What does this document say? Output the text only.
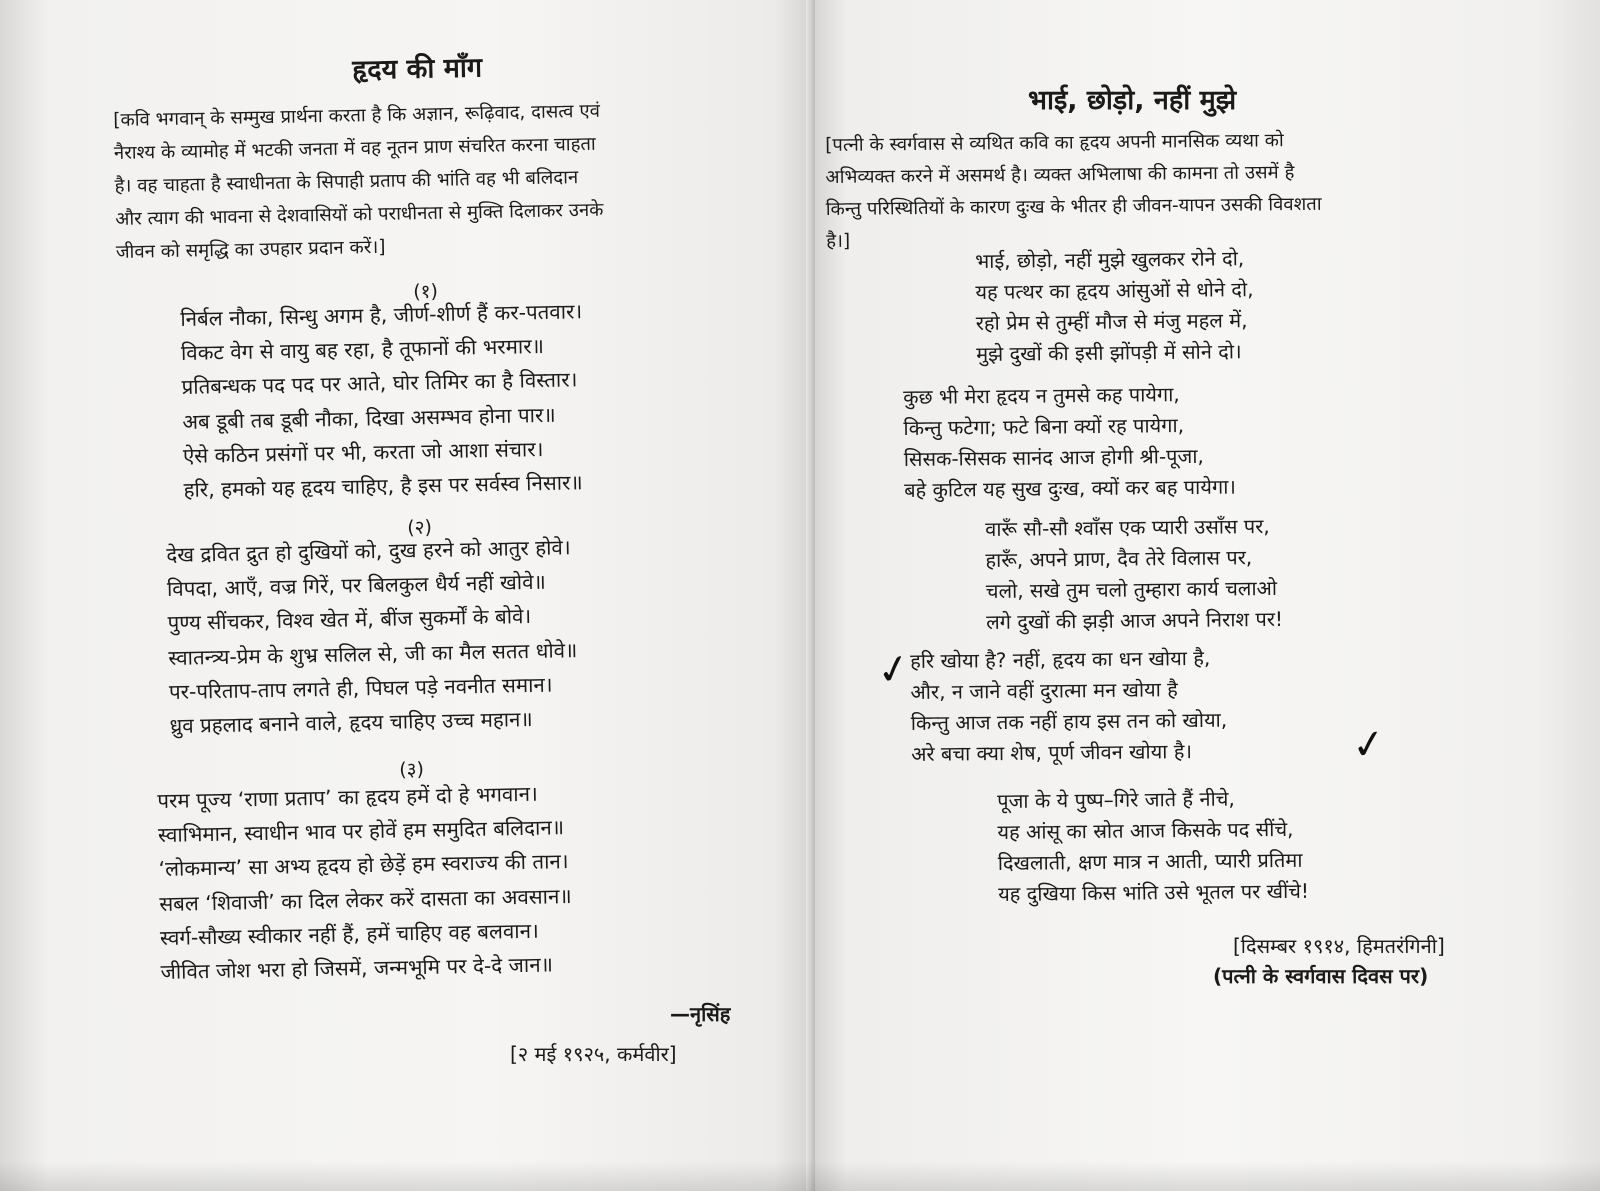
हृदय की माँग

[कवि भगवान् के सम्मुख प्रार्थना करता है कि अज्ञान, रूढ़िवाद, दासत्व एवं

नैराश्य के व्यामोह में भटकी जनता में वह नूतन प्राण संचरित करना चाहता

है। वह चाहता है स्वाधीनता के सिपाही प्रताप की भांति वह भी बलिदान

और त्याग की भावना से देशवासियों को पराधीनता से मुक्ति दिलाकर उनके

जीवन को समृद्धि का उपहार प्रदान करें।]

(१)
निर्बल नौका, सिन्धु अगम है, जीर्ण-शीर्ण हैं कर-पतवार।
विकट वेग से वायु बह रहा, है तूफानों की भरमार॥
प्रतिबन्धक पद पद पर आते, घोर तिमिर का है विस्तार।
अब डूबी तब डूबी नौका, दिखा असम्भव होना पार॥
ऐसे कठिन प्रसंगों पर भी, करता जो आशा संचार।
हरि, हमको यह हृदय चाहिए, है इस पर सर्वस्व निसार॥
(२)
देख द्रवित द्रुत हो दुखियों को, दुख हरने को आतुर होवे।
विपदा, आएँ, वज्र गिरें, पर बिलकुल धैर्य नहीं खोवे॥
पुण्य सींचकर, विश्व खेत में, बींज सुकर्मों के बोवे।
स्वातन्त्र्य-प्रेम के शुभ्र सलिल से, जी का मैल सतत धोवे॥
पर-परिताप-ताप लगते ही, पिघल पड़े नवनीत समान।
ध्रुव प्रहलाद बनाने वाले, हृदय चाहिए उच्च महान॥
(३)
परम पूज्य ‘राणा प्रताप’ का हृदय हमें दो हे भगवान।
स्वाभिमान, स्वाधीन भाव पर होवें हम समुदित बलिदान॥
‘लोकमान्य’ सा अभ्य हृदय हो छेड़ें हम स्वराज्य की तान।
सबल ‘शिवाजी’ का दिल लेकर करें दासता का अवसान॥
स्वर्ग-सौख्य स्वीकार नहीं हैं, हमें चाहिए वह बलवान।
जीवित जोश भरा हो जिसमें, जन्मभूमि पर दे-दे जान॥
—नृसिंह
[२ मई १९२५, कर्मवीर]
भाई, छोड़ो, नहीं मुझे

[पत्नी के स्वर्गवास से व्यथित कवि का हृदय अपनी मानसिक व्यथा को

अभिव्यक्त करने में असमर्थ है। व्यक्त अभिलाषा की कामना तो उसमें है

किन्तु परिस्थितियों के कारण दुःख के भीतर ही जीवन-यापन उसकी विवशता

है।]

भाई, छोड़ो, नहीं मुझे खुलकर रोने दो,
यह पत्थर का हृदय आंसुओं से धोने दो,
रहो प्रेम से तुम्हीं मौज से मंजु महल में,
मुझे दुखों की इसी झोंपड़ी में सोने दो।
कुछ भी मेरा हृदय न तुमसे कह पायेगा,
किन्तु फटेगा; फटे बिना क्यों रह पायेगा,
सिसक-सिसक सानंद आज होगी श्री-पूजा,
बहे कुटिल यह सुख दुःख, क्यों कर बह पायेगा।
वारूँ सौ-सौ श्वाँस एक प्यारी उसाँस पर,
हारूँ, अपने प्राण, दैव तेरे विलास पर,
चलो, सखे तुम चलो तुम्हारा कार्य चलाओ
लगे दुखों की झड़ी आज अपने निराश पर!
हरि खोया है? नहीं, हृदय का धन खोया है,
और, न जाने वहीं दुरात्मा मन खोया है
किन्तु आज तक नहीं हाय इस तन को खोया,
अरे बचा क्या शेष, पूर्ण जीवन खोया है।
✓
✓
पूजा के ये पुष्प–गिरे जाते हैं नीचे,
यह आंसू का स्रोत आज किसके पद सींचे,
दिखलाती, क्षण मात्र न आती, प्यारी प्रतिमा
यह दुखिया किस भांति उसे भूतल पर खींचे!
[दिसम्बर १९१४, हिमतरंगिनी]
(पत्नी के स्वर्गवास दिवस पर)
